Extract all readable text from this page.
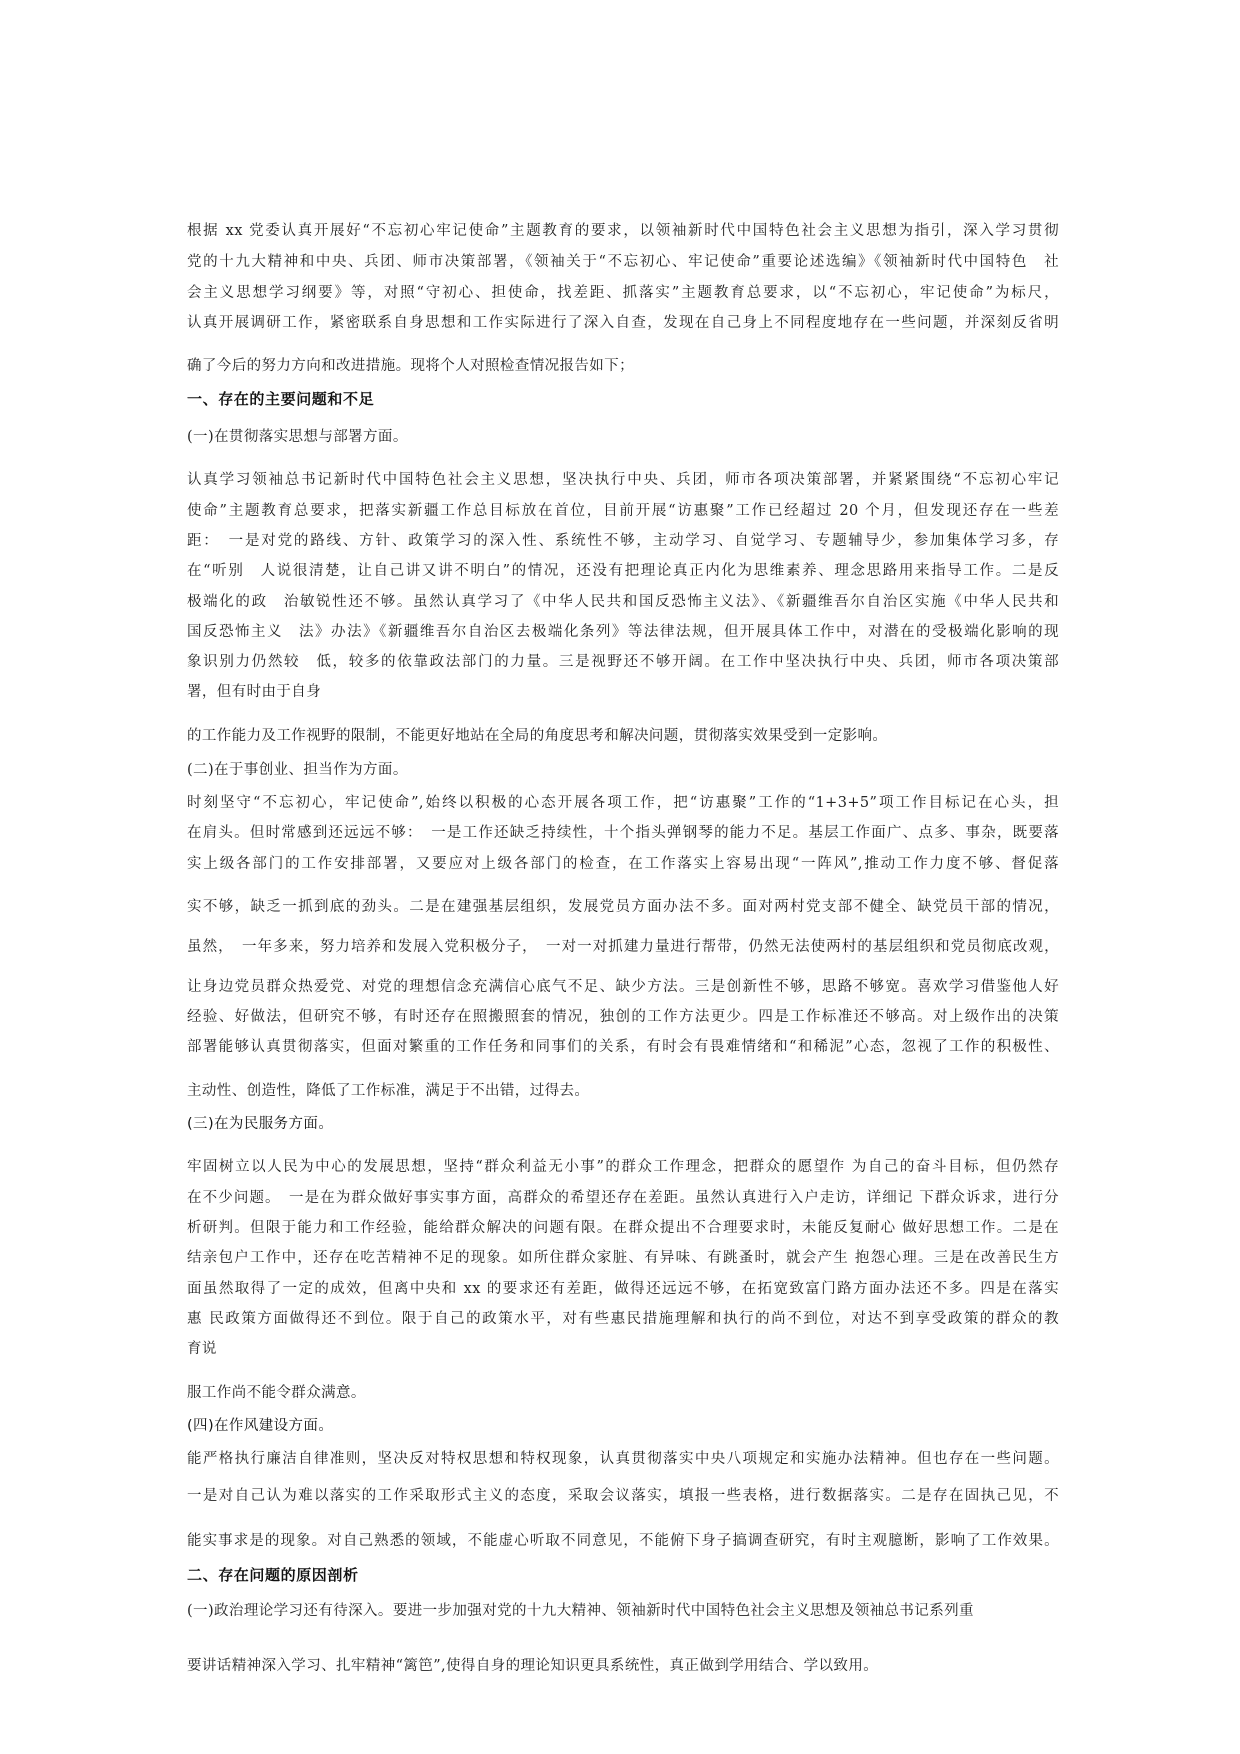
根据 xx 党委认真开展好“不忘初心牢记使命”主题教育的要求，以领袖新时代中国特色社会主义思想为指引，深入学习贯彻
党的十九大精神和中央、兵团、师市决策部署，《领袖关于“不忘初心、牢记使命”重要论述选编》《领袖新时代中国特色　社
会主义思想学习纲要》等，对照“守初心、担使命，找差距、抓落实”主题教育总要求，以“不忘初心，牢记使命”为标尺，
认真开展调研工作，紧密联系自身思想和工作实际进行了深入自查，发现在自己身上不同程度地存在一些问题，并深刻反省明
确了今后的努力方向和改进措施。现将个人对照检查情况报告如下；
一、存在的主要问题和不足
(一)在贯彻落实思想与部署方面。
认真学习领袖总书记新时代中国特色社会主义思想，坚决执行中央、兵团，师市各项决策部署，并紧紧围绕“不忘初心牢记
使命”主题教育总要求，把落实新疆工作总目标放在首位，目前开展“访惠聚”工作已经超过 20 个月，但发现还存在一些差
距：　一是对党的路线、方针、政策学习的深入性、系统性不够，主动学习、自觉学习、专题辅导少，参加集体学习多，存
在“听别　人说很清楚，让自己讲又讲不明白”的情况，还没有把理论真正内化为思维素养、理念思路用来指导工作。二是反
极端化的政　治敏锐性还不够。虽然认真学习了《中华人民共和国反恐怖主义法》、《新疆维吾尔自治区实施《中华人民共和
国反恐怖主义　法》办法》《新疆维吾尔自治区去极端化条列》等法律法规，但开展具体工作中，对潜在的受极端化影响的现
象识别力仍然较　低，较多的依靠政法部门的力量。三是视野还不够开阔。在工作中坚决执行中央、兵团，师市各项决策部
署，但有时由于自身
的工作能力及工作视野的限制，不能更好地站在全局的角度思考和解决问题，贯彻落实效果受到一定影响。
(二)在于事创业、担当作为方面。
时刻坚守“不忘初心，牢记使命”,始终以积极的心态开展各项工作，把“访惠聚”工作的“1+3+5”项工作目标记在心头，担
在肩头。但时常感到还远远不够：　一是工作还缺乏持续性，十个指头弹钢琴的能力不足。基层工作面广、点多、事杂，既要落
实上级各部门的工作安排部署，又要应对上级各部门的检查，在工作落实上容易出现“一阵风”,推动工作力度不够、督促落
实不够，缺乏一抓到底的劲头。二是在建强基层组织，发展党员方面办法不多。面对两村党支部不健全、缺党员干部的情况，
虽然，　一年多来，努力培养和发展入党积极分子，　一对一对抓建力量进行帮带，仍然无法使两村的基层组织和党员彻底改观，
让身边党员群众热爱党、对党的理想信念充满信心底气不足、缺少方法。三是创新性不够，思路不够宽。喜欢学习借鉴他人好
经验、好做法，但研究不够，有时还存在照搬照套的情况，独创的工作方法更少。四是工作标准还不够高。对上级作出的决策
部署能够认真贯彻落实，但面对繁重的工作任务和同事们的关系，有时会有畏难情绪和“和稀泥”心态，忽视了工作的积极性、
主动性、创造性，降低了工作标准，满足于不出错，过得去。
(三)在为民服务方面。
牢固树立以人民为中心的发展思想，坚持“群众利益无小事”的群众工作理念，把群众的愿望作 为自己的奋斗目标，但仍然存
在不少问题。　一是在为群众做好事实事方面，高群众的希望还存在差距。虽然认真进行入户走访，详细记 下群众诉求，进行分
析研判。但限于能力和工作经验，能给群众解决的问题有限。在群众提出不合理要求时，未能反复耐心 做好思想工作。二是在
结亲包户工作中，还存在吃苦精神不足的现象。如所住群众家脏、有异味、有跳蚤时，就会产生 抱怨心理。三是在改善民生方
面虽然取得了一定的成效，但离中央和 xx 的要求还有差距，做得还远远不够，在拓宽致富门路方面办法还不多。四是在落实
惠 民政策方面做得还不到位。限于自己的政策水平，对有些惠民措施理解和执行的尚不到位，对达不到享受政策的群众的教
育说
服工作尚不能令群众满意。
(四)在作风建设方面。
能严格执行廉洁自律准则，坚决反对特权思想和特权现象，认真贯彻落实中央八项规定和实施办法精神。但也存在一些问题。
一是对自己认为难以落实的工作采取形式主义的态度，采取会议落实，填报一些表格，进行数据落实。二是存在固执己见，不
能实事求是的现象。对自己熟悉的领域，不能虚心听取不同意见，不能俯下身子搞调查研究，有时主观臆断，影响了工作效果。
二、存在问题的原因剖析
(一)政治理论学习还有待深入。要进一步加强对党的十九大精神、领袖新时代中国特色社会主义思想及领袖总书记系列重
要讲话精神深入学习、扎牢精神“篱笆”,使得自身的理论知识更具系统性，真正做到学用结合、学以致用。
